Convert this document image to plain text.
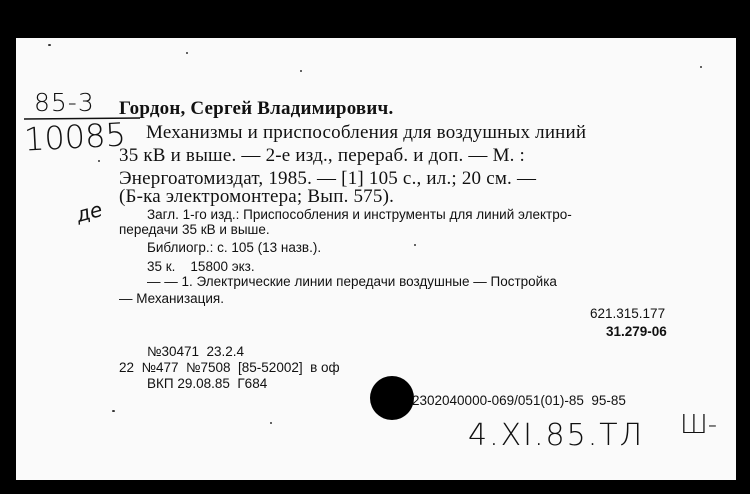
85-3
10085
де
Гордон, Сергей Владимирович.
Механизмы и приспособления для воздушных линий
35 кВ и выше. — 2-е изд., перераб. и доп. — М. :
Энергоатомиздат, 1985. — [1] 105 с., ил.; 20 см. —
(Б-ка электромонтера; Вып. 575).
Загл. 1-го изд.: Приспособления и инструменты для линий электро-
передачи 35 кВ и выше.
Библиогр.: с. 105 (13 назв.).
35 к.    15800 экз.
— — 1. Электрические линии передачи воздушные — Постройка
— Механизация.
621.315.177
31.279-06
№30471  23.2.4
22  №477  №7508  [85-52002]  в оф
ВКП 29.08.85  Г684
2302040000-069/051(01)-85  95-85
4.XI.85.ТЛ Ш-
